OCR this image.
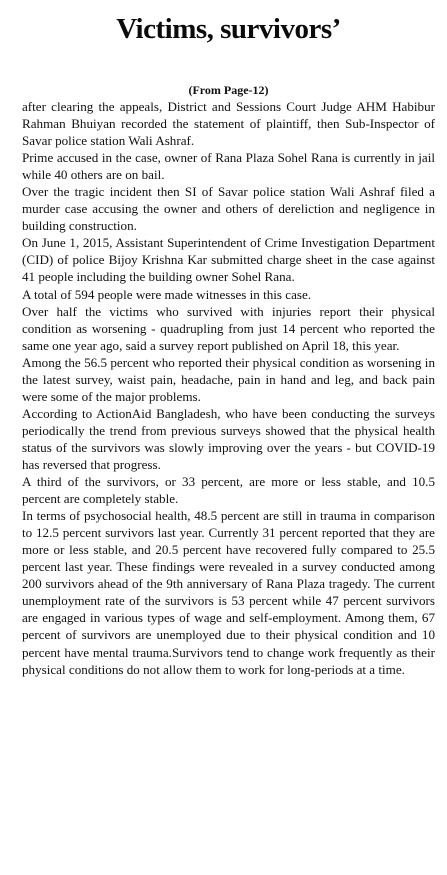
Victims, survivors’
(From Page-12)

after clearing the appeals, District and Sessions Court Judge AHM Habibur Rahman Bhuiyan recorded the statement of plaintiff, then Sub-Inspector of Savar police station Wali Ashraf.

Prime accused in the case, owner of Rana Plaza Sohel Rana is currently in jail while 40 others are on bail.

Over the tragic incident then SI of Savar police station Wali Ashraf filed a murder case accusing the owner and others of dereliction and negligence in building construction.

On June 1, 2015, Assistant Superintendent of Crime Investigation Department (CID) of police Bijoy Krishna Kar submitted charge sheet in the case against 41 people including the building owner Sohel Rana.

A total of 594 people were made witnesses in this case.

Over half the victims who survived with injuries report their physical condition as worsening - quadrupling from just 14 percent who reported the same one year ago, said a survey report published on April 18, this year.

Among the 56.5 percent who reported their physical condition as worsening in the latest survey, waist pain, headache, pain in hand and leg, and back pain were some of the major problems.

According to ActionAid Bangladesh, who have been conducting the surveys periodically the trend from previous surveys showed that the physical health status of the survivors was slowly improving over the years - but COVID-19 has reversed that progress.

A third of the survivors, or 33 percent, are more or less stable, and 10.5 percent are completely stable.

In terms of psychosocial health, 48.5 percent are still in trauma in comparison to 12.5 percent survivors last year. Currently 31 percent reported that they are more or less stable, and 20.5 percent have recovered fully compared to 25.5 percent last year. These findings were revealed in a survey conducted among 200 survivors ahead of the 9th anniversary of Rana Plaza tragedy. The current unemployment rate of the survivors is 53 percent while 47 percent survivors are engaged in various types of wage and self-employment. Among them, 67 percent of survivors are unemployed due to their physical condition and 10 percent have mental trauma.Survivors tend to change work frequently as their physical conditions do not allow them to work for long-periods at a time.
